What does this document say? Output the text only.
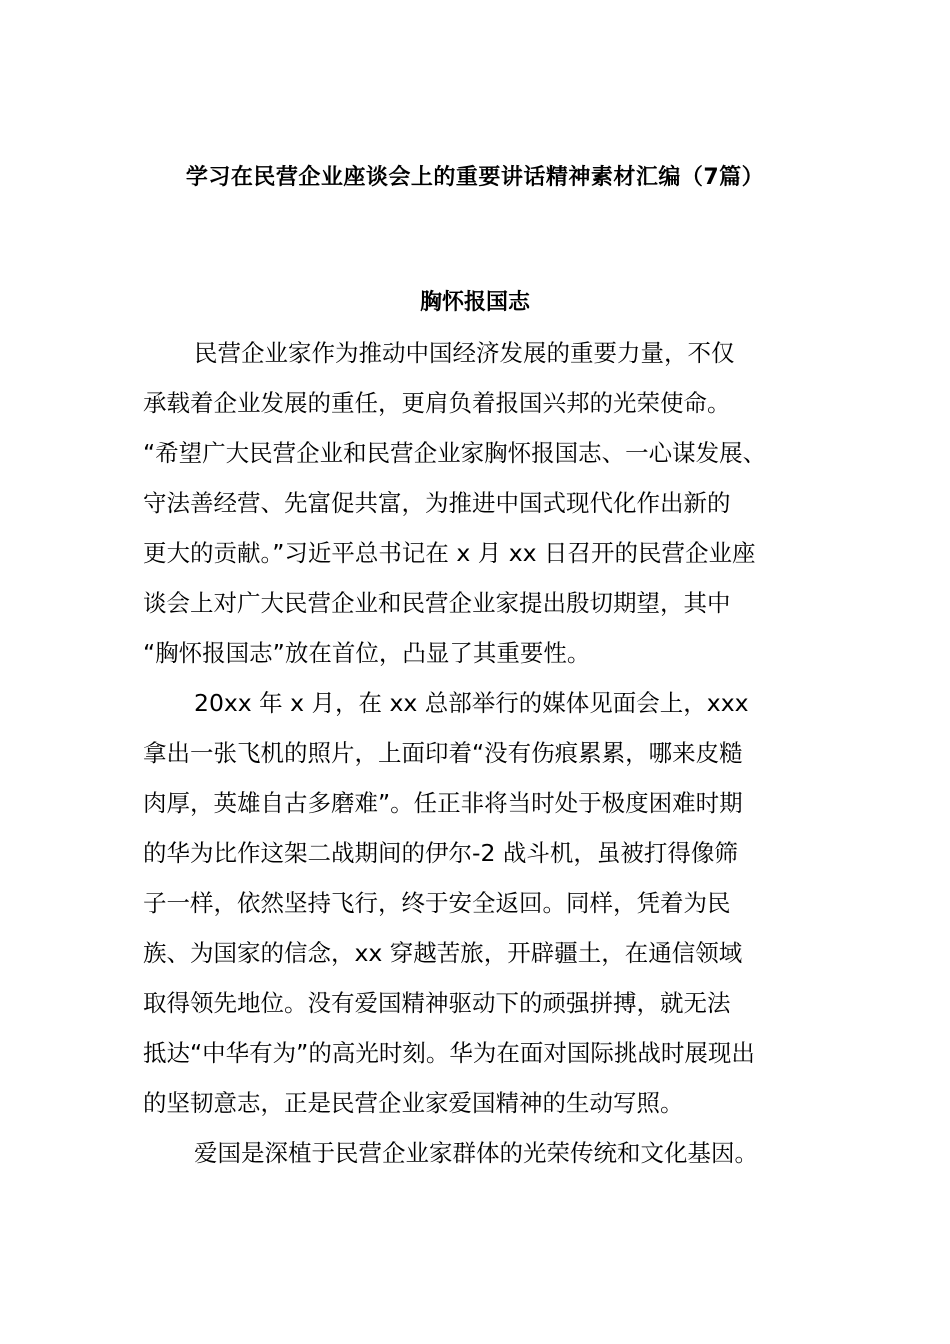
学习在民营企业座谈会上的重要讲话精神素材汇编（7篇）
胸怀报国志
民营企业家作为推动中国经济发展的重要力量，不仅
承载着企业发展的重任，更肩负着报国兴邦的光荣使命。
“希望广大民营企业和民营企业家胸怀报国志、一心谋发展、
守法善经营、先富促共富，为推进中国式现代化作出新的
更大的贡献。”习近平总书记在 x 月 xx 日召开的民营企业座
谈会上对广大民营企业和民营企业家提出殷切期望，其中
“胸怀报国志”放在首位，凸显了其重要性。
20xx 年 x 月，在 xx 总部举行的媒体见面会上，xxx
拿出一张飞机的照片，上面印着“没有伤痕累累，哪来皮糙
肉厚，英雄自古多磨难”。任正非将当时处于极度困难时期
的华为比作这架二战期间的伊尔-2 战斗机，虽被打得像筛
子一样，依然坚持飞行，终于安全返回。同样，凭着为民
族、为国家的信念，xx 穿越苦旅，开辟疆土，在通信领域
取得领先地位。没有爱国精神驱动下的顽强拼搏，就无法
抵达“中华有为”的高光时刻。华为在面对国际挑战时展现出
的坚韧意志，正是民营企业家爱国精神的生动写照。
爱国是深植于民营企业家群体的光荣传统和文化基因。
